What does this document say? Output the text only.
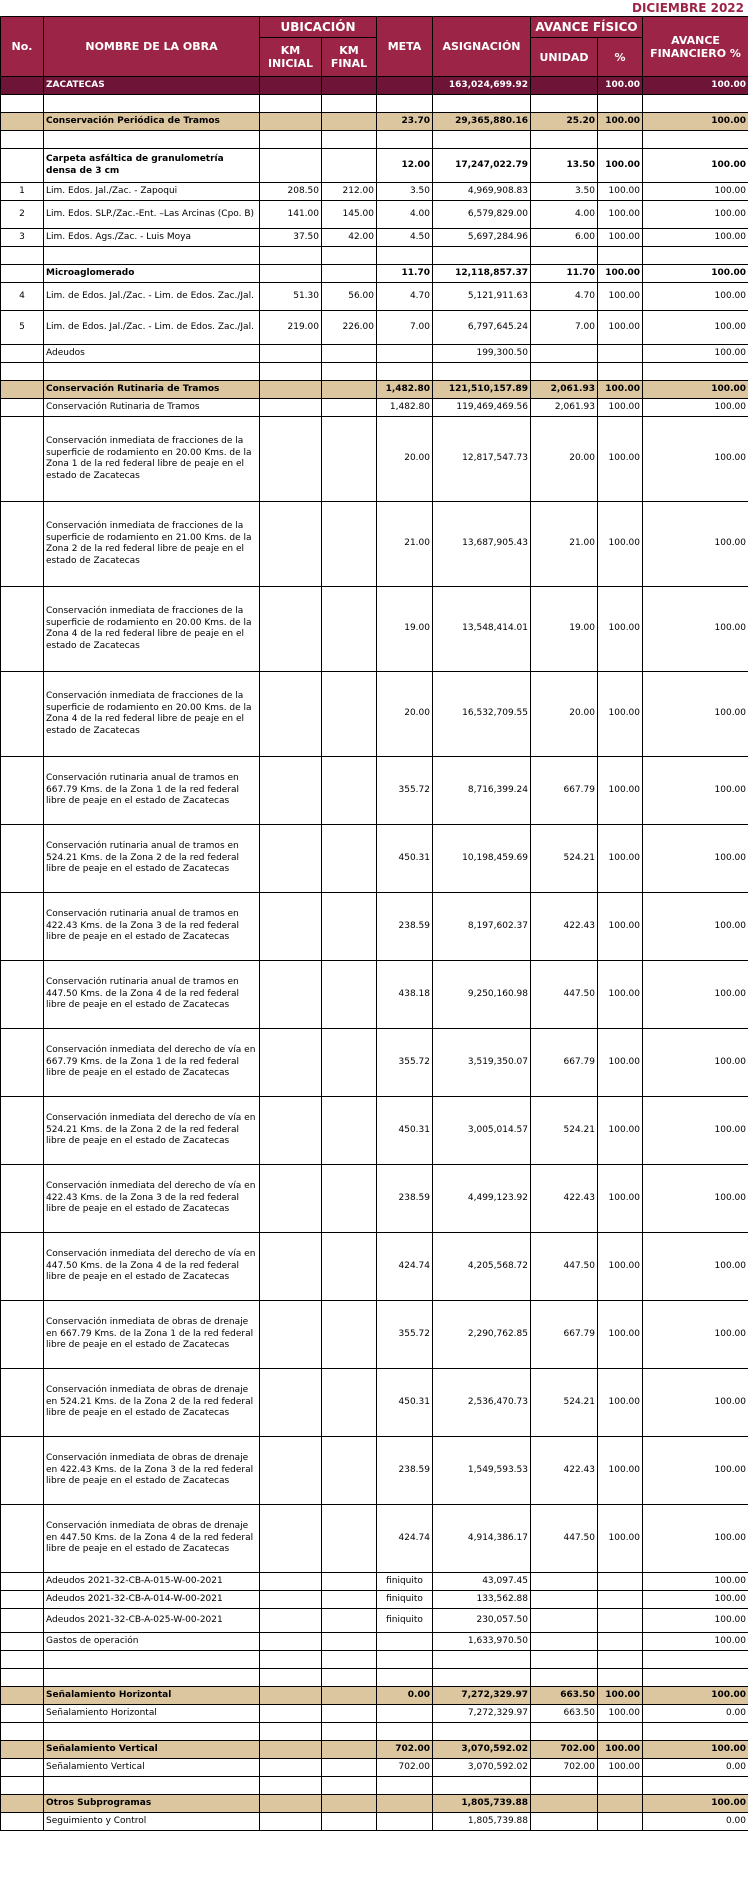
DICIEMBRE 2022
No.	NOMBRE DE LA OBRA	UBICACIÓN		META	ASIGNACIÓN	AVANCE FÍSICO		AVANCE FINANCIERO %
		KM INICIAL	KM FINAL			UNIDAD	%	
	ZACATECAS				163,024,699.92		100.00	100.00

	Conservación Periódica de Tramos			23.70	29,365,880.16	25.20	100.00	100.00

	Carpeta asfáltica de granulometría densa de 3 cm			12.00	17,247,022.79	13.50	100.00	100.00
1	Lim. Edos. Jal./Zac. - Zapoqui	208.50	212.00	3.50	4,969,908.83	3.50	100.00	100.00
2	Lim. Edos. SLP./Zac.-Ent. –Las Arcinas (Cpo. B)	141.00	145.00	4.00	6,579,829.00	4.00	100.00	100.00
3	Lim. Edos. Ags./Zac. - Luis Moya	37.50	42.00	4.50	5,697,284.96	6.00	100.00	100.00

	Microaglomerado			11.70	12,118,857.37	11.70	100.00	100.00
4	Lim. de Edos. Jal./Zac. - Lim. de Edos. Zac./Jal.	51.30	56.00	4.70	5,121,911.63	4.70	100.00	100.00
5	Lim. de Edos. Jal./Zac. - Lim. de Edos. Zac./Jal.	219.00	226.00	7.00	6,797,645.24	7.00	100.00	100.00
	Adeudos				199,300.50			100.00

	Conservación Rutinaria de Tramos			1,482.80	121,510,157.89	2,061.93	100.00	100.00
	Conservación Rutinaria de Tramos			1,482.80	119,469,469.56	2,061.93	100.00	100.00
	Conservación inmediata de fracciones de la superficie de rodamiento en 20.00 Kms. de la Zona 1 de la red federal libre de peaje en el estado de Zacatecas			20.00	12,817,547.73	20.00	100.00	100.00
	Conservación inmediata de fracciones de la superficie de rodamiento en 21.00 Kms. de la Zona 2 de la red federal libre de peaje en el estado de Zacatecas			21.00	13,687,905.43	21.00	100.00	100.00
	Conservación inmediata de fracciones de la superficie de rodamiento en 20.00 Kms. de la Zona 4 de la red federal libre de peaje en el estado de Zacatecas			19.00	13,548,414.01	19.00	100.00	100.00
	Conservación inmediata de fracciones de la superficie de rodamiento en 20.00 Kms. de la Zona 4 de la red federal libre de peaje en el estado de Zacatecas			20.00	16,532,709.55	20.00	100.00	100.00
	Conservación rutinaria anual de tramos en 667.79 Kms. de la Zona 1 de la red federal libre de peaje en el estado de Zacatecas			355.72	8,716,399.24	667.79	100.00	100.00
	Conservación rutinaria anual de tramos en 524.21 Kms. de la Zona 2 de la red federal libre de peaje en el estado de Zacatecas			450.31	10,198,459.69	524.21	100.00	100.00
	Conservación rutinaria anual de tramos en 422.43 Kms. de la Zona 3 de la red federal libre de peaje en el estado de Zacatecas			238.59	8,197,602.37	422.43	100.00	100.00
	Conservación rutinaria anual de tramos en 447.50 Kms. de la Zona 4 de la red federal libre de peaje en el estado de Zacatecas			438.18	9,250,160.98	447.50	100.00	100.00
	Conservación inmediata del derecho de vía en 667.79 Kms. de la Zona 1 de la red federal libre de peaje en el estado de Zacatecas			355.72	3,519,350.07	667.79	100.00	100.00
	Conservación inmediata del derecho de vía en 524.21 Kms. de la Zona 2 de la red federal libre de peaje en el estado de Zacatecas			450.31	3,005,014.57	524.21	100.00	100.00
	Conservación inmediata del derecho de vía en 422.43 Kms. de la Zona 3 de la red federal libre de peaje en el estado de Zacatecas			238.59	4,499,123.92	422.43	100.00	100.00
	Conservación inmediata del derecho de vía en 447.50 Kms. de la Zona 4 de la red federal libre de peaje en el estado de Zacatecas			424.74	4,205,568.72	447.50	100.00	100.00
	Conservación inmediata de obras de drenaje en 667.79 Kms. de la Zona 1 de la red federal libre de peaje en el estado de Zacatecas			355.72	2,290,762.85	667.79	100.00	100.00
	Conservación inmediata de obras de drenaje en 524.21 Kms. de la Zona 2 de la red federal libre de peaje en el estado de Zacatecas			450.31	2,536,470.73	524.21	100.00	100.00
	Conservación inmediata de obras de drenaje en 422.43 Kms. de la Zona 3 de la red federal libre de peaje en el estado de Zacatecas			238.59	1,549,593.53	422.43	100.00	100.00
	Conservación inmediata de obras de drenaje en 447.50 Kms. de la Zona 4 de la red federal libre de peaje en el estado de Zacatecas			424.74	4,914,386.17	447.50	100.00	100.00
	Adeudos 2021-32-CB-A-015-W-00-2021			finiquito	43,097.45			100.00
	Adeudos 2021-32-CB-A-014-W-00-2021			finiquito	133,562.88			100.00
	Adeudos 2021-32-CB-A-025-W-00-2021			finiquito	230,057.50			100.00
	Gastos de operación				1,633,970.50			100.00

	Señalamiento Horizontal			0.00	7,272,329.97	663.50	100.00	100.00
	Señalamiento Horizontal				7,272,329.97	663.50	100.00	0.00

	Señalamiento Vertical			702.00	3,070,592.02	702.00	100.00	100.00
	Señalamiento Vertical			702.00	3,070,592.02	702.00	100.00	0.00

	Otros Subprogramas				1,805,739.88			100.00
	Seguimiento y Control				1,805,739.88			0.00
